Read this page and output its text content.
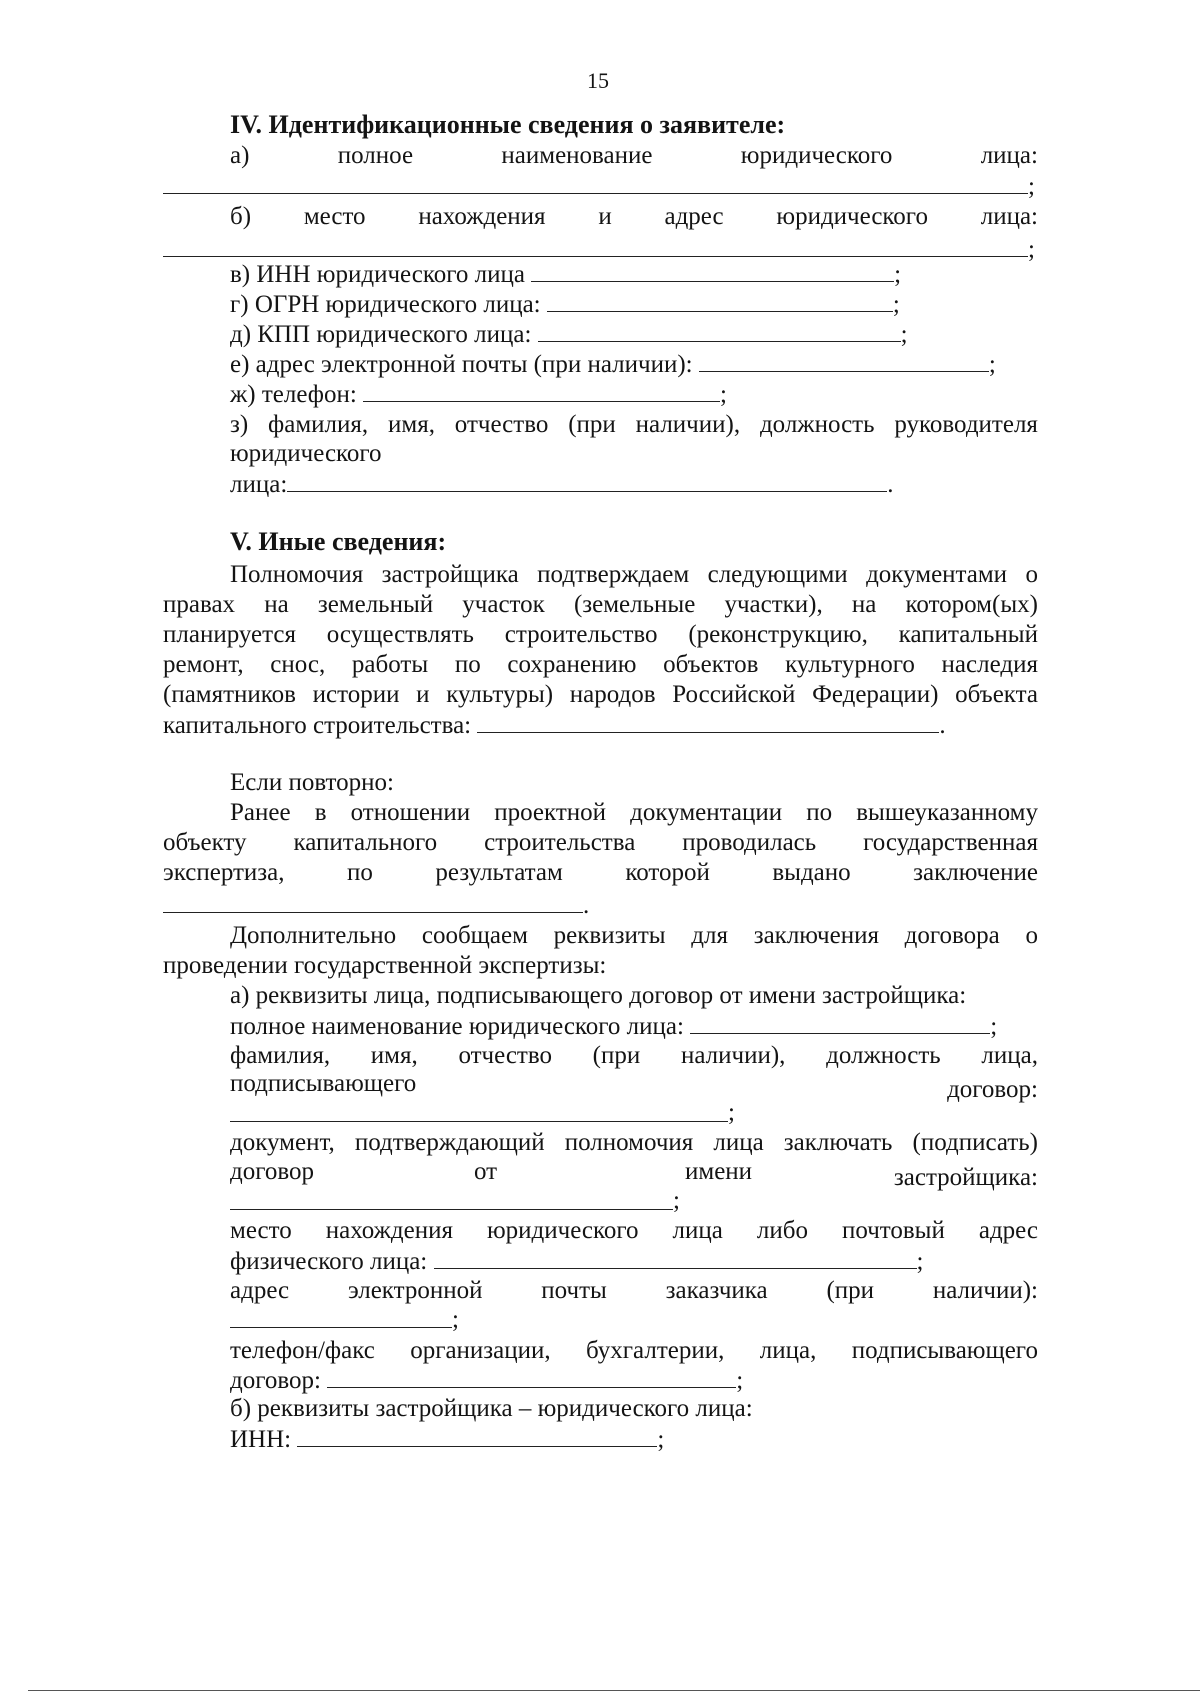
15
IV. Идентификационные сведения о заявителе:
а)	полное	наименование	юридического	лица:
;
б) место нахождения и адрес юридического лица:
;
в) ИНН юридического лица	;
г) ОГРН юридического лица:	;
д) КПП юридического лица:	;
е) адрес электронной почты (при наличии):	;
ж) телефон:	;
з) фамилия, имя, отчество (при наличии), должность руководителя
юридического
лица:	.
V. Иные сведения:
Полномочия застройщика подтверждаем следующими документами о
правах на земельный участок (земельные участки), на котором(ых)
планируется осуществлять строительство (реконструкцию, капитальный
ремонт, снос, работы по сохранению объектов культурного наследия
(памятников истории и культуры) народов Российской Федерации) объекта
капитального строительства:	.
Если повторно:
Ранее в отношении проектной документации по вышеуказанному
объекту капитального строительства проводилась государственная
экспертиза,	по	результатам	которой	выдано	заключение
.
Дополнительно сообщаем реквизиты для заключения договора о
проведении государственной экспертизы:
а) реквизиты лица, подписывающего договор от имени застройщика:
полное наименование юридического лица:	;
фамилия, имя, отчество (при наличии), должность лица,
подписывающего	договор:
;
документ, подтверждающий полномочия лица заключать (подписать)
договор	от	имени	застройщика:
;
место нахождения юридического лица либо почтовый адрес
физического лица:	;
адрес электронной почты заказчика (при наличии):
;
телефон/факс организации, бухгалтерии, лица, подписывающего
договор:	;
б) реквизиты застройщика – юридического лица:
ИНН:	;
